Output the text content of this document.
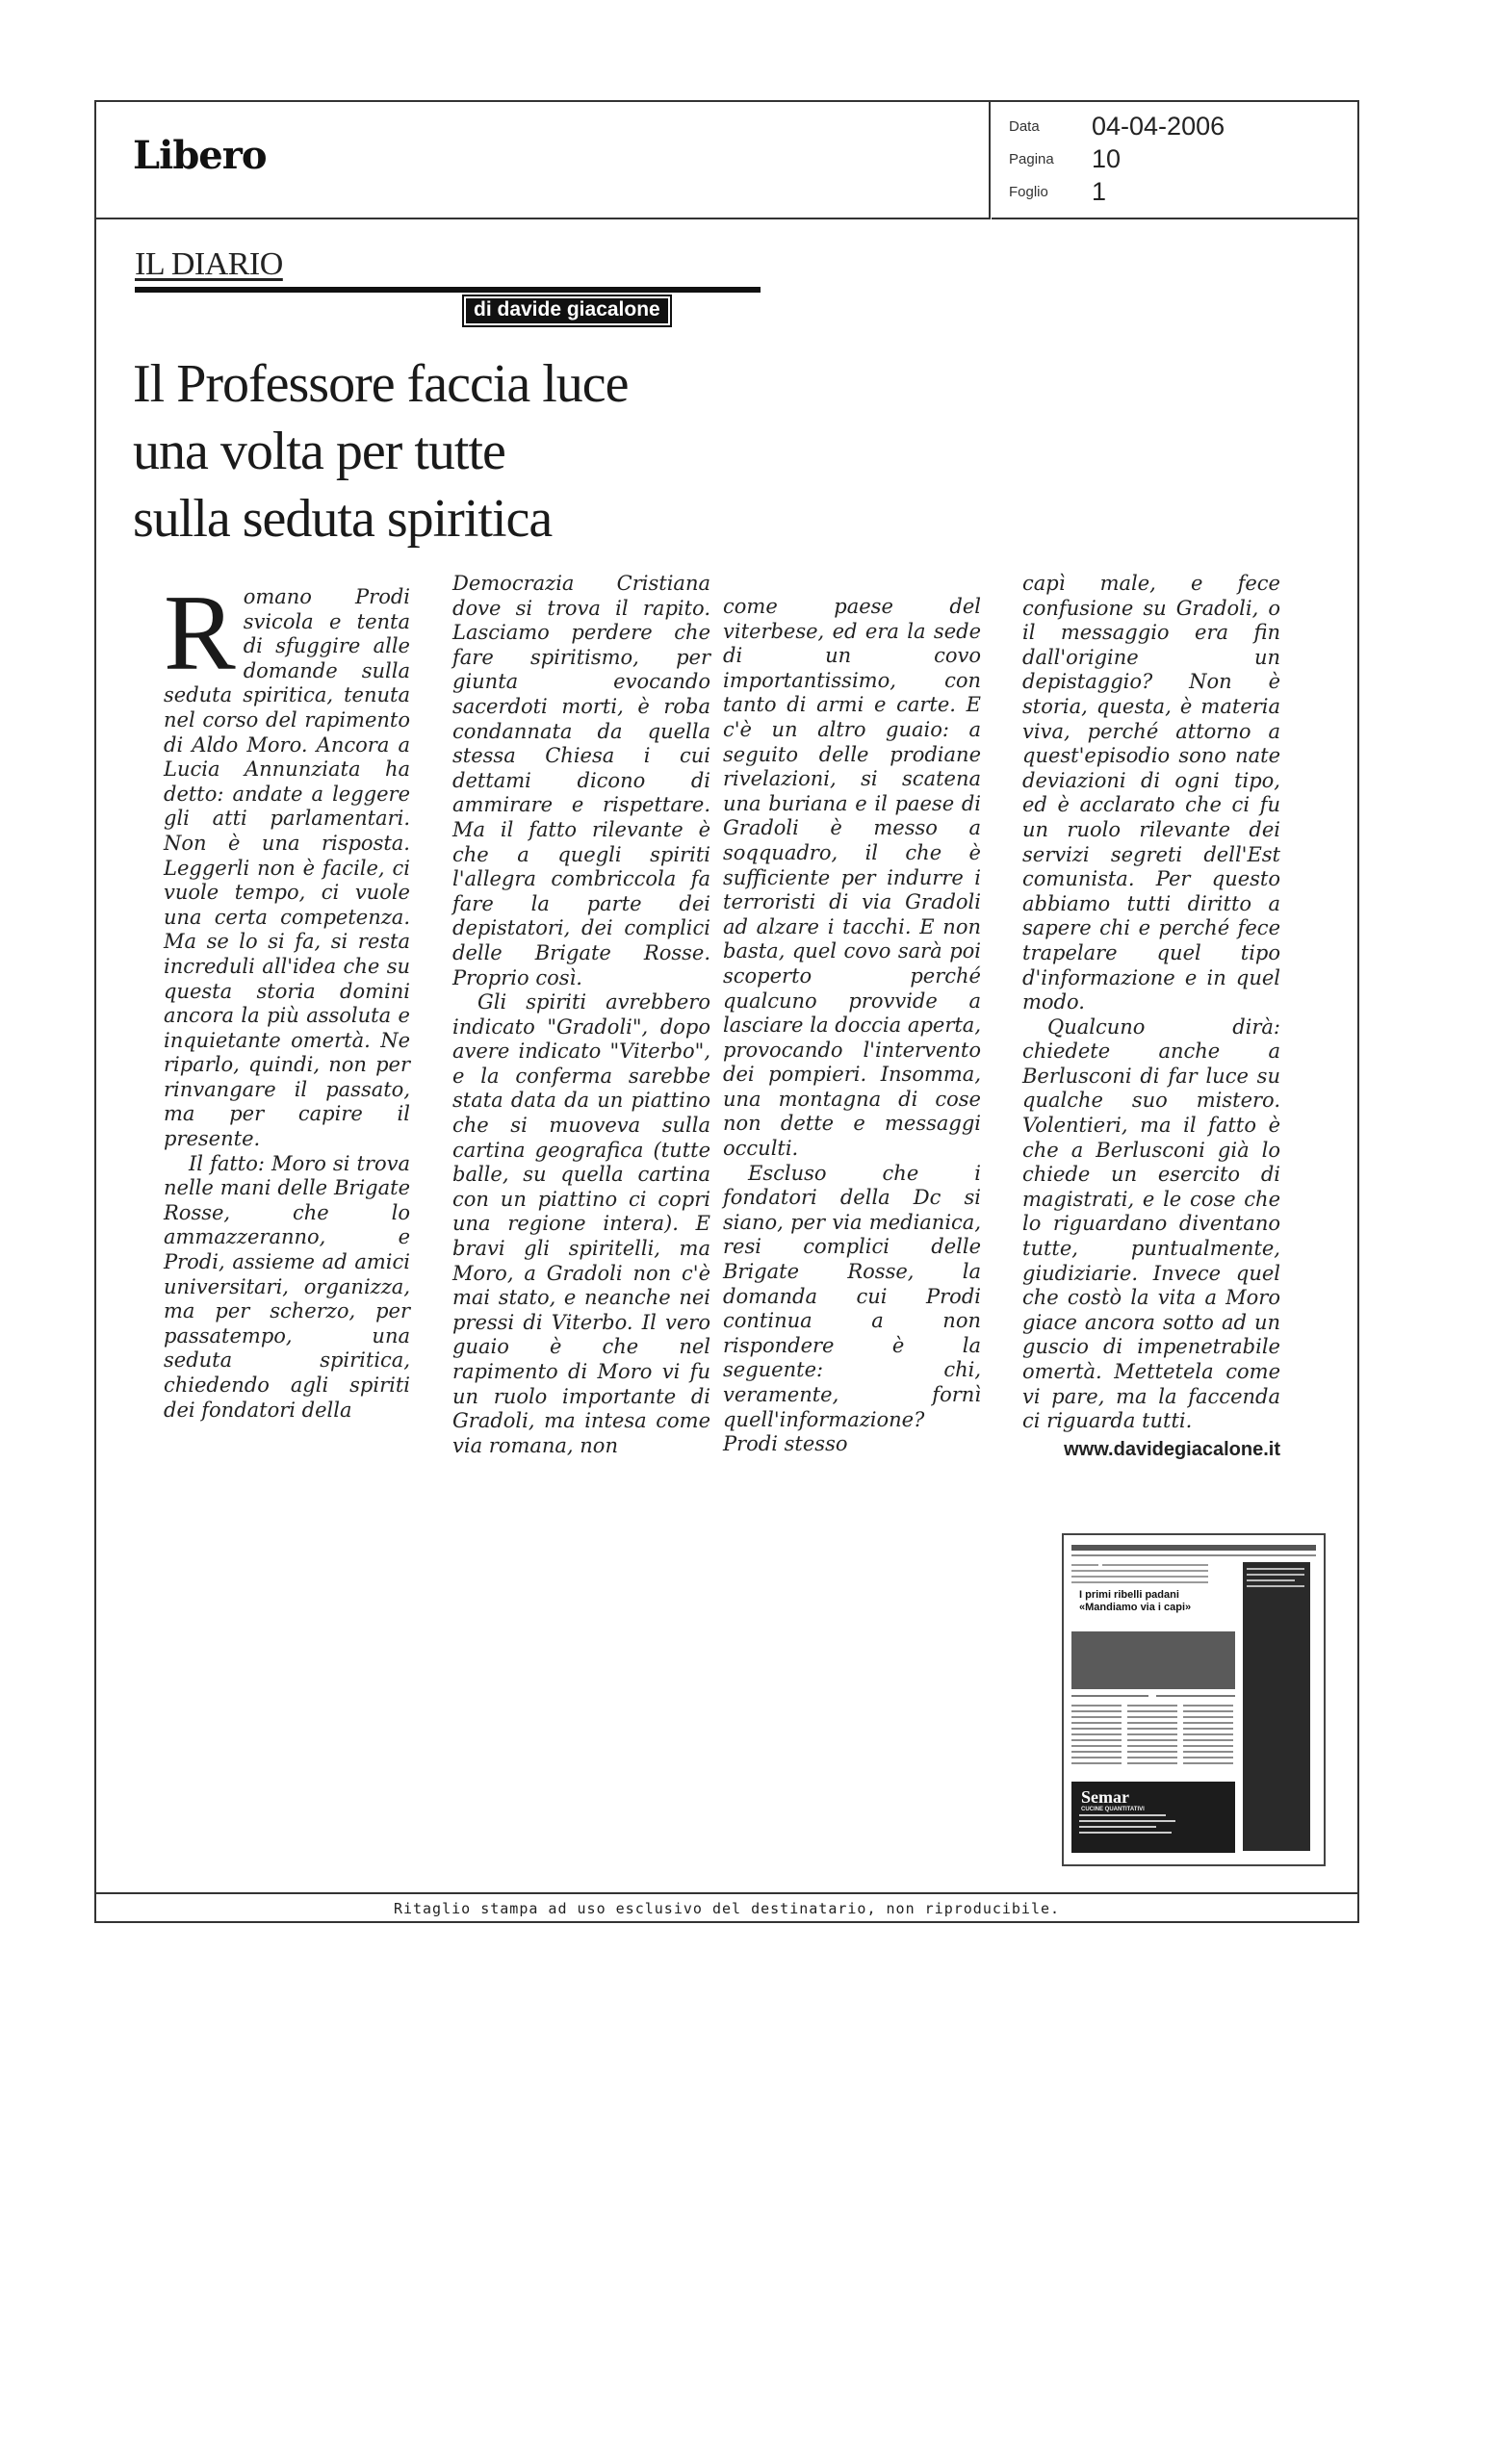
Libero
Data 04-04-2006
Pagina 10
Foglio 1
IL DIARIO
di davide giacalone
Il Professore faccia luce
una volta per tutte
sulla seduta spiritica

Romano Prodi svicola e tenta di sfuggire alle domande sulla seduta spiritica, tenuta nel corso del rapimento di Aldo Moro. Ancora a Lucia Annunziata ha detto: andate a leggere gli atti parlamentari. Non è una risposta. Leggerli non è facile, ci vuole tempo, ci vuole una certa competenza. Ma se lo si fa, si resta increduli all'idea che su questa storia domini ancora la più assoluta e inquietante omertà. Ne riparlo, quindi, non per rinvangare il passato, ma per capire il presente.

Il fatto: Moro si trova nelle mani delle Brigate Rosse, che lo ammazzeranno, e Prodi, assieme ad amici universitari, organizza, ma per scherzo, per passatempo, una seduta spiritica, chiedendo agli spiriti dei fondatori della

Democrazia Cristiana dove si trova il rapito. Lasciamo perdere che fare spiritismo, per giunta evocando sacerdoti morti, è roba condannata da quella stessa Chiesa i cui dettami dicono di ammirare e rispettare. Ma il fatto rilevante è che a quegli spiriti l'allegra combriccola fa fare la parte dei depistatori, dei complici delle Brigate Rosse. Proprio così.

Gli spiriti avrebbero indicato "Gradoli", dopo avere indicato "Viterbo", e la conferma sarebbe stata data da un piattino che si muoveva sulla cartina geografica (tutte balle, su quella cartina con un piattino ci copri una regione intera). E bravi gli spiritelli, ma Moro, a Gradoli non c'è mai stato, e neanche nei pressi di Viterbo. Il vero guaio è che nel rapimento di Moro vi fu un ruolo importante di Gradoli, ma intesa come via romana, non

come paese del viterbese, ed era la sede di un covo importantissimo, con tanto di armi e carte. E c'è un altro guaio: a seguito delle prodiane rivelazioni, si scatena una buriana e il paese di Gradoli è messo a soqquadro, il che è sufficiente per indurre i terroristi di via Gradoli ad alzare i tacchi. E non basta, quel covo sarà poi scoperto perché qualcuno provvide a lasciare la doccia aperta, provocando l'intervento dei pompieri. Insomma, una montagna di cose non dette e messaggi occulti.

Escluso che i fondatori della Dc si siano, per via medianica, resi complici delle Brigate Rosse, la domanda cui Prodi continua a non rispondere è la seguente: chi, veramente, fornì quell'informazione? Prodi stesso

capì male, e fece confusione su Gradoli, o il messaggio era fin dall'origine un depistaggio? Non è storia, questa, è materia viva, perché attorno a quest'episodio sono nate deviazioni di ogni tipo, ed è acclarato che ci fu un ruolo rilevante dei servizi segreti dell'Est comunista. Per questo abbiamo tutti diritto a sapere chi e perché fece trapelare quel tipo d'informazione e in quel modo.

Qualcuno dirà: chiedete anche a Berlusconi di far luce su qualche suo mistero. Volentieri, ma il fatto è che a Berlusconi già lo chiede un esercito di magistrati, e le cose che lo riguardano diventano tutte, puntualmente, giudiziarie. Invece quel che costò la vita a Moro giace ancora sotto ad un guscio di impenetrabile omertà. Mettetela come vi pare, ma la faccenda ci riguarda tutti.

www.davidegiacalone.it
I primi ribelli padani
«Mandiamo via i capi»
Semar
CUCINE QUANTITATIVI
Ritaglio stampa ad uso esclusivo del destinatario, non riproducibile.
